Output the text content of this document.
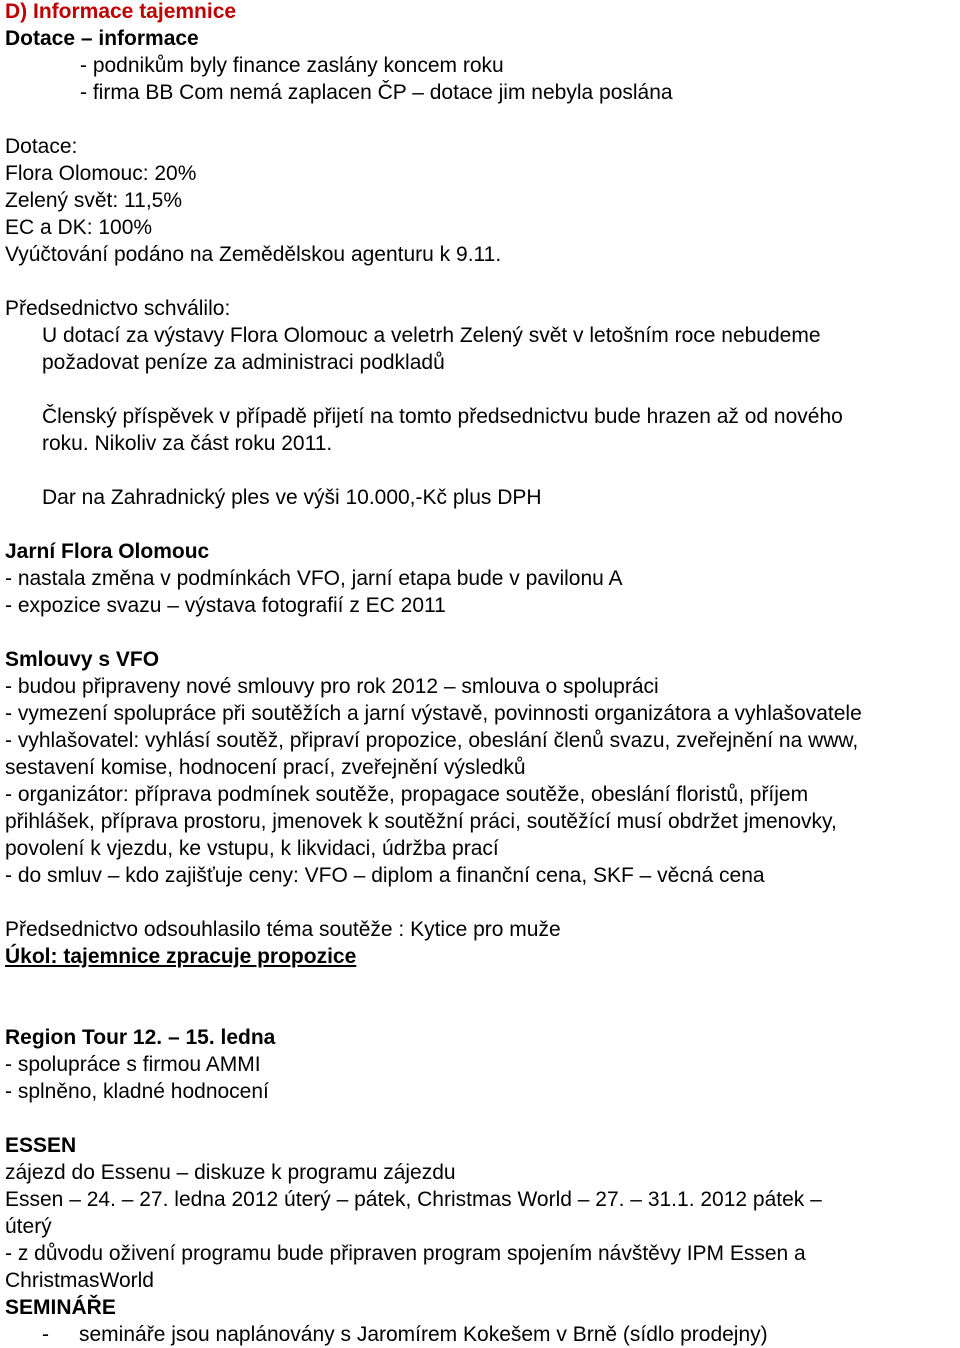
D) Informace tajemnice
Dotace – informace
- podnikům byly finance zaslány koncem roku
- firma BB Com nemá zaplacen ČP – dotace jim nebyla poslána
Dotace:
Flora Olomouc: 20%
Zelený svět: 11,5%
EC a DK: 100%
Vyúčtování podáno na Zemědělskou agenturu k 9.11.
Předsednictvo schválilo:
U dotací za výstavy Flora Olomouc a veletrh Zelený svět v letošním roce nebudeme
požadovat peníze za administraci podkladů
Členský příspěvek v případě přijetí na tomto předsednictvu bude hrazen až od nového
roku. Nikoliv za část roku 2011.
Dar na Zahradnický ples ve výši 10.000,-Kč plus DPH
Jarní Flora Olomouc
- nastala změna v podmínkách VFO, jarní etapa bude v pavilonu A
- expozice svazu – výstava fotografií z EC 2011
Smlouvy s VFO
- budou připraveny nové smlouvy pro rok 2012 – smlouva o spolupráci
- vymezení spolupráce při soutěžích a jarní výstavě, povinnosti organizátora a vyhlašovatele
- vyhlašovatel: vyhlásí soutěž, připraví propozice, obeslání členů svazu, zveřejnění na www,
sestavení komise, hodnocení prací, zveřejnění výsledků
- organizátor: příprava podmínek soutěže, propagace soutěže, obeslání floristů, příjem
přihlášek, příprava prostoru, jmenovek k soutěžní práci, soutěžící musí obdržet jmenovky,
povolení k vjezdu, ke vstupu, k likvidaci, údržba prací
- do smluv – kdo zajišťuje ceny: VFO – diplom a finanční cena, SKF – věcná cena
Předsednictvo odsouhlasilo téma soutěže : Kytice pro muže
Úkol: tajemnice zpracuje propozice
Region Tour 12. – 15. ledna
- spolupráce s firmou AMMI
- splněno, kladné hodnocení
ESSEN
zájezd do Essenu – diskuze k programu zájezdu
Essen – 24. – 27. ledna 2012 úterý – pátek, Christmas World – 27. – 31.1. 2012 pátek –
úterý
- z důvodu oživení programu bude připraven program spojením návštěvy IPM Essen a
ChristmasWorld
SEMINÁŘE
- semináře jsou naplánovány s Jaromírem Kokešem v Brně (sídlo prodejny)
